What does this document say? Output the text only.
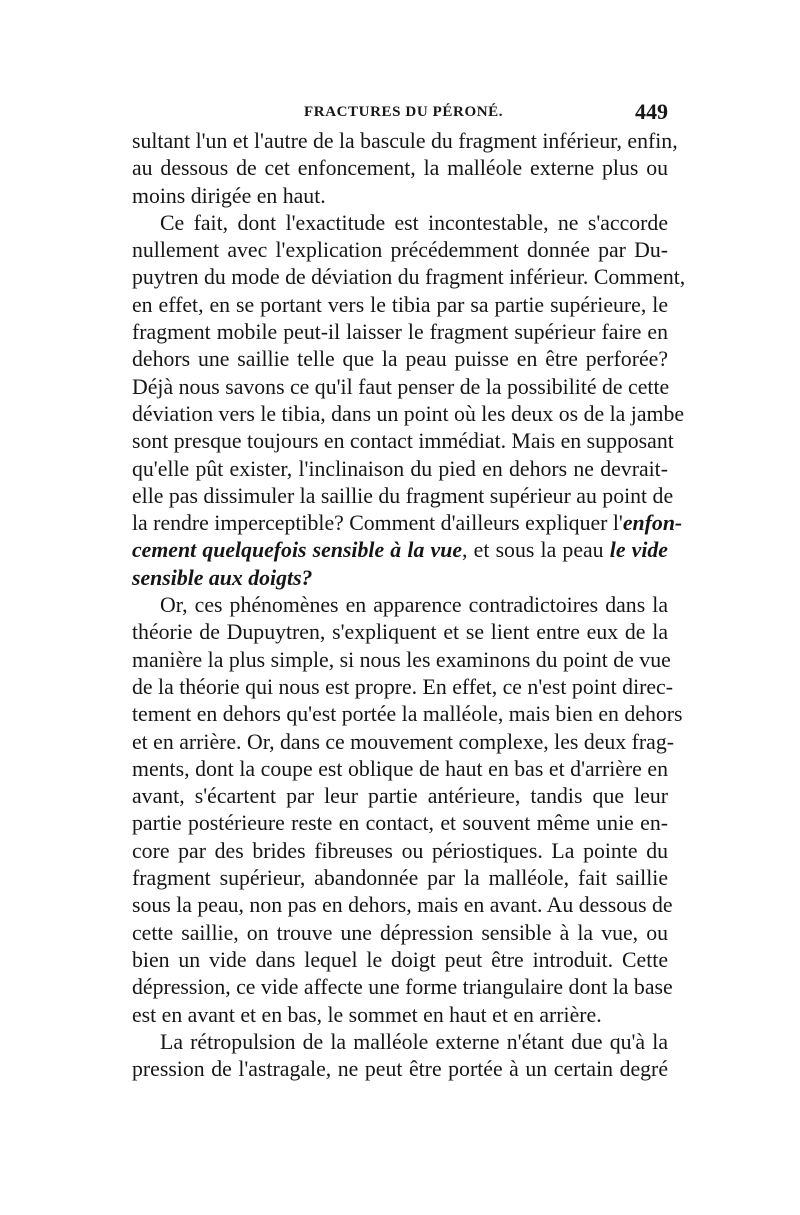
FRACTURES DU PÉRONÉ.	449
sultant l'un et l'autre de la bascule du fragment inférieur, enfin,
au dessous de cet enfoncement, la malléole externe plus ou
moins dirigée en haut.
Ce fait, dont l'exactitude est incontestable, ne s'accorde
nullement avec l'explication précédemment donnée par Du-
puytren du mode de déviation du fragment inférieur. Comment,
en effet, en se portant vers le tibia par sa partie supérieure, le
fragment mobile peut-il laisser le fragment supérieur faire en
dehors une saillie telle que la peau puisse en être perforée?
Déjà nous savons ce qu'il faut penser de la possibilité de cette
déviation vers le tibia, dans un point où les deux os de la jambe
sont presque toujours en contact immédiat. Mais en supposant
qu'elle pût exister, l'inclinaison du pied en dehors ne devrait-
elle pas dissimuler la saillie du fragment supérieur au point de
la rendre imperceptible? Comment d'ailleurs expliquer l'enfon-
cement quelquefois sensible à la vue, et sous la peau le vide
sensible aux doigts?
Or, ces phénomènes en apparence contradictoires dans la
théorie de Dupuytren, s'expliquent et se lient entre eux de la
manière la plus simple, si nous les examinons du point de vue
de la théorie qui nous est propre. En effet, ce n'est point direc-
tement en dehors qu'est portée la malléole, mais bien en dehors
et en arrière. Or, dans ce mouvement complexe, les deux frag-
ments, dont la coupe est oblique de haut en bas et d'arrière en
avant, s'écartent par leur partie antérieure, tandis que leur
partie postérieure reste en contact, et souvent même unie en-
core par des brides fibreuses ou périostiques. La pointe du
fragment supérieur, abandonnée par la malléole, fait saillie
sous la peau, non pas en dehors, mais en avant. Au dessous de
cette saillie, on trouve une dépression sensible à la vue, ou
bien un vide dans lequel le doigt peut être introduit. Cette
dépression, ce vide affecte une forme triangulaire dont la base
est en avant et en bas, le sommet en haut et en arrière.
La rétropulsion de la malléole externe n'étant due qu'à la
pression de l'astragale, ne peut être portée à un certain degré
